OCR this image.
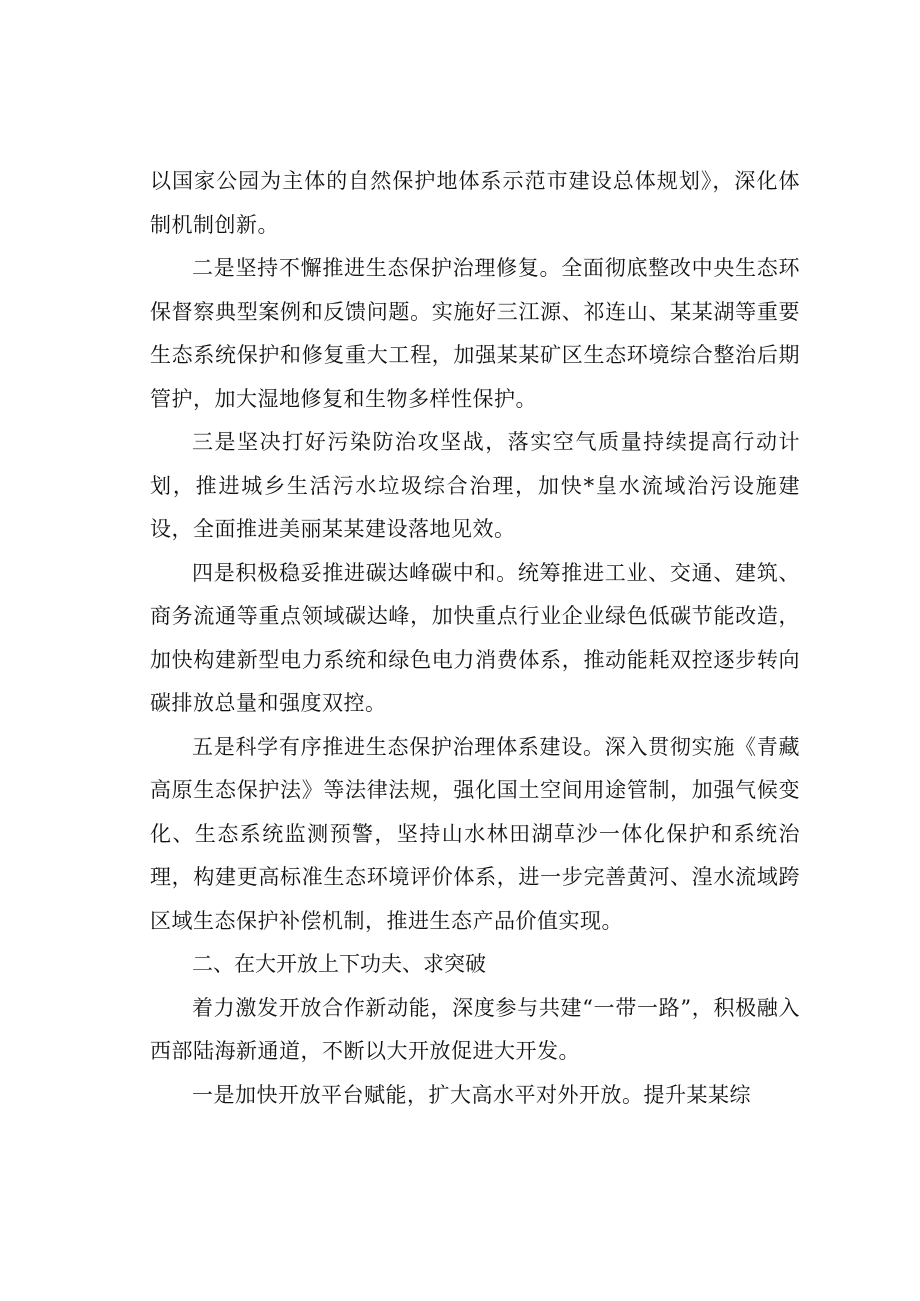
以国家公园为主体的自然保护地体系示范市建设总体规划》，深化体制机制创新。

二是坚持不懈推进生态保护治理修复。全面彻底整改中央生态环保督察典型案例和反馈问题。实施好三江源、祁连山、某某湖等重要生态系统保护和修复重大工程，加强某某矿区生态环境综合整治后期管护，加大湿地修复和生物多样性保护。

三是坚决打好污染防治攻坚战，落实空气质量持续提高行动计划，推进城乡生活污水垃圾综合治理，加快*皇水流域治污设施建设，全面推进美丽某某建设落地见效。

四是积极稳妥推进碳达峰碳中和。统筹推进工业、交通、建筑、商务流通等重点领域碳达峰，加快重点行业企业绿色低碳节能改造，加快构建新型电力系统和绿色电力消费体系，推动能耗双控逐步转向碳排放总量和强度双控。

五是科学有序推进生态保护治理体系建设。深入贯彻实施《青藏高原生态保护法》等法律法规，强化国土空间用途管制，加强气候变化、生态系统监测预警，坚持山水林田湖草沙一体化保护和系统治理，构建更高标准生态环境评价体系，进一步完善黄河、湟水流域跨区域生态保护补偿机制，推进生态产品价值实现。

二、在大开放上下功夫、求突破

着力激发开放合作新动能，深度参与共建“一带一路”，积极融入西部陆海新通道，不断以大开放促进大开发。

一是加快开放平台赋能，扩大高水平对外开放。提升某某综
